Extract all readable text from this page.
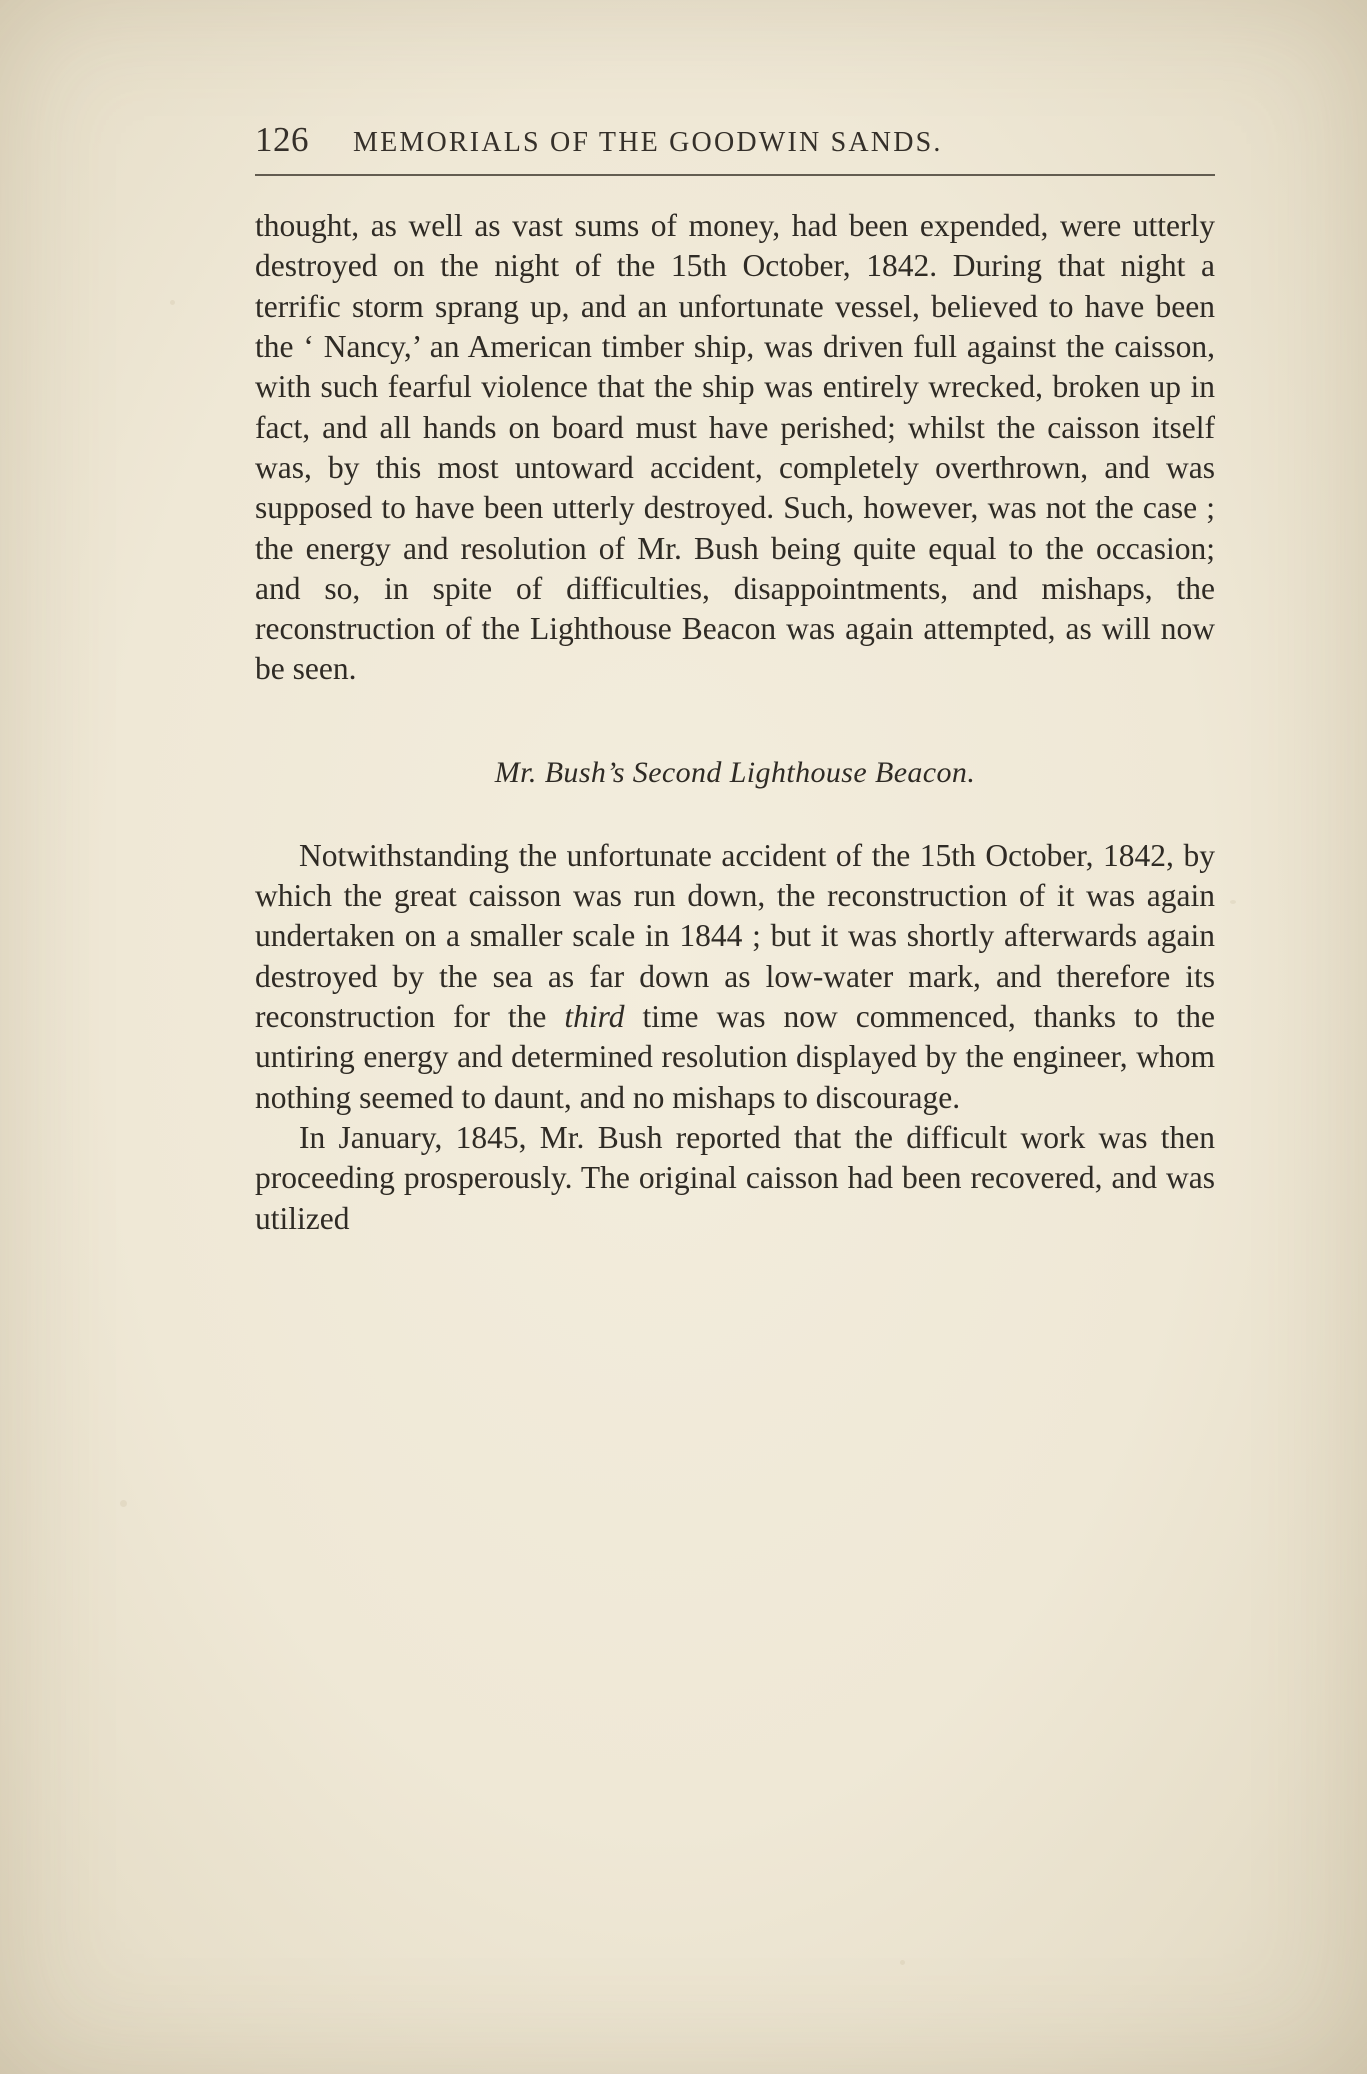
126 MEMORIALS OF THE GOODWIN SANDS.

thought, as well as vast sums of money, had been expended, were utterly destroyed on the night of the 15th October, 1842. During that night a terrific storm sprang up, and an unfortunate vessel, believed to have been the ‘ Nancy,’ an American timber ship, was driven full against the caisson, with such fearful violence that the ship was entirely wrecked, broken up in fact, and all hands on board must have perished; whilst the caisson itself was, by this most untoward accident, completely overthrown, and was supposed to have been utterly destroyed. Such, however, was not the case ; the energy and resolution of Mr. Bush being quite equal to the occasion; and so, in spite of difficulties, disappointments, and mishaps, the reconstruction of the Lighthouse Beacon was again attempted, as will now be seen.

Mr. Bush’s Second Lighthouse Beacon.

Notwithstanding the unfortunate accident of the 15th October, 1842, by which the great caisson was run down, the reconstruction of it was again undertaken on a smaller scale in 1844 ; but it was shortly afterwards again destroyed by the sea as far down as low-water mark, and therefore its reconstruction for the third time was now commenced, thanks to the untiring energy and determined resolution displayed by the engineer, whom nothing seemed to daunt, and no mishaps to discourage.

In January, 1845, Mr. Bush reported that the difficult work was then proceeding prosperously. The original caisson had been recovered, and was utilized
